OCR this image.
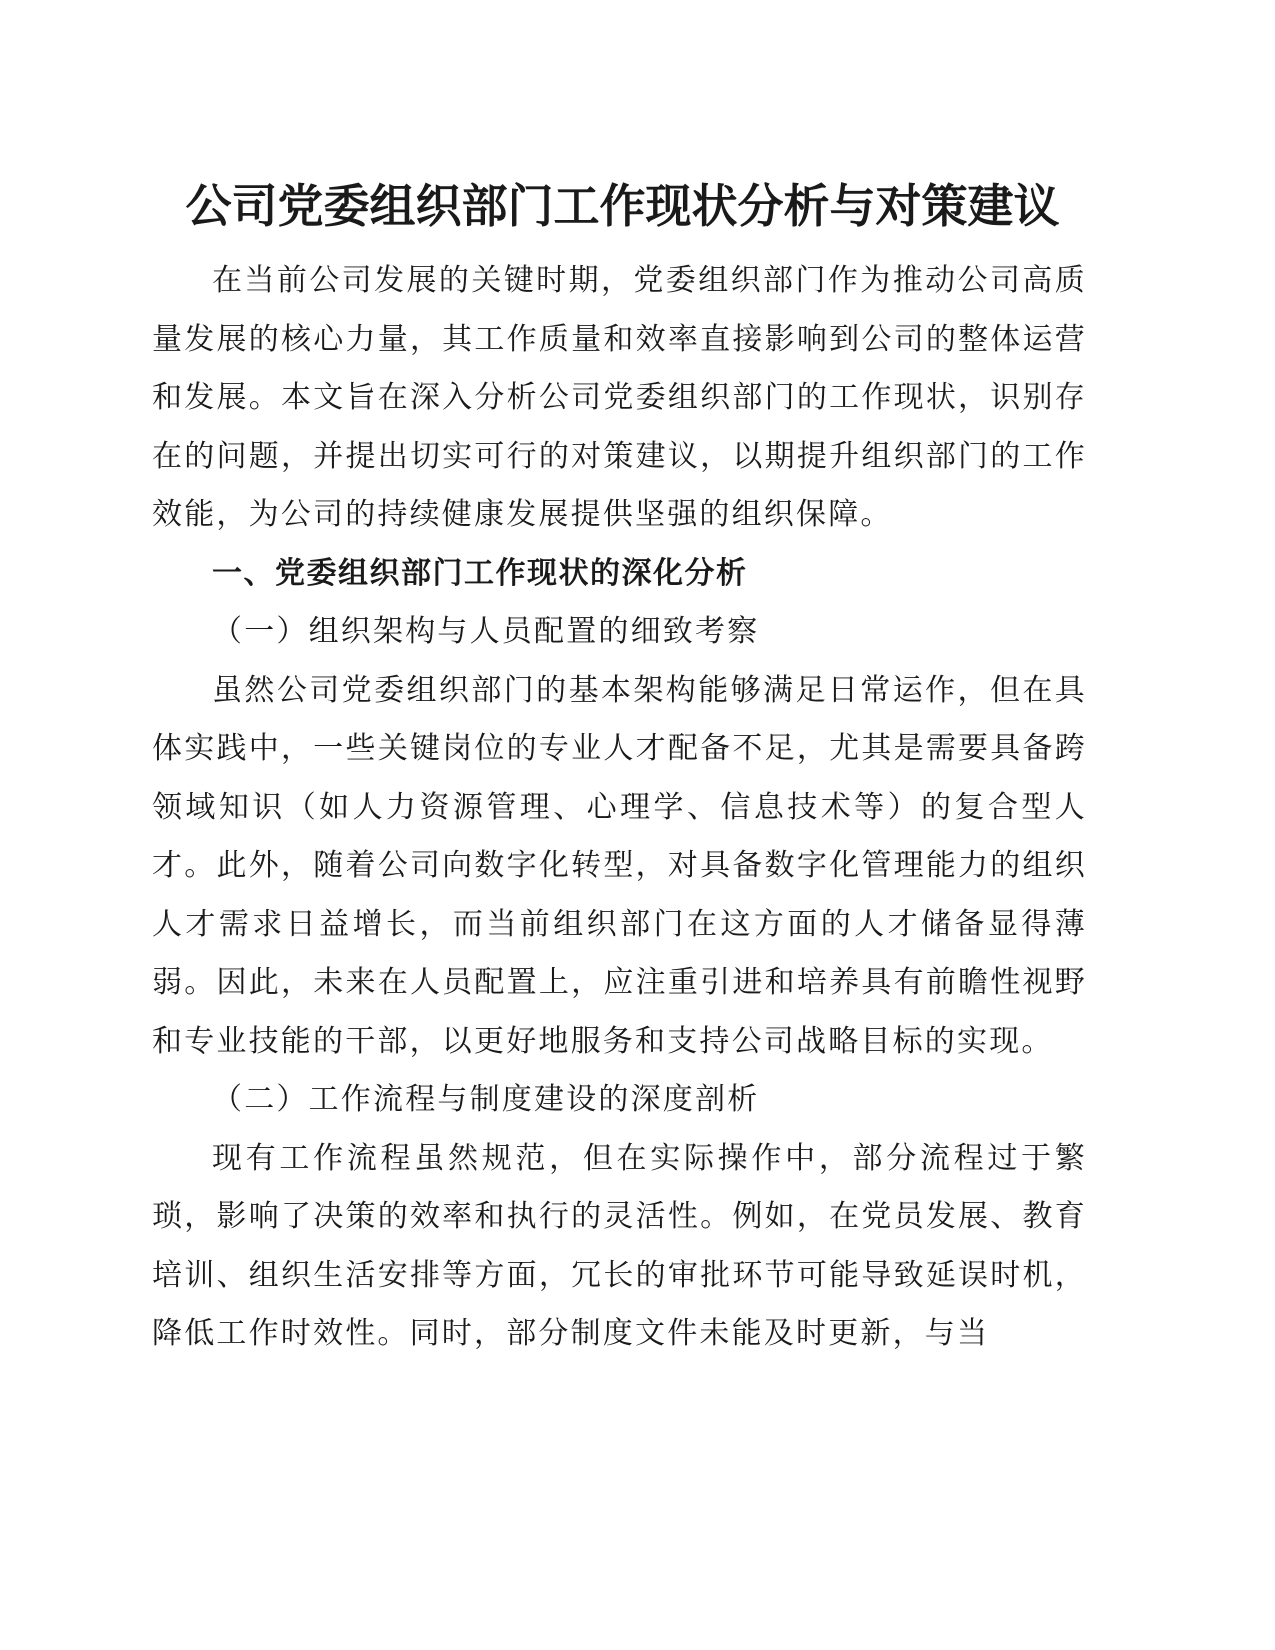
公司党委组织部门工作现状分析与对策建议

在当前公司发展的关键时期，党委组织部门作为推动公司高质量发展的核心力量，其工作质量和效率直接影响到公司的整体运营和发展。本文旨在深入分析公司党委组织部门的工作现状，识别存在的问题，并提出切实可行的对策建议，以期提升组织部门的工作效能，为公司的持续健康发展提供坚强的组织保障。

一、党委组织部门工作现状的深化分析

（一）组织架构与人员配置的细致考察

虽然公司党委组织部门的基本架构能够满足日常运作，但在具体实践中，一些关键岗位的专业人才配备不足，尤其是需要具备跨领域知识（如人力资源管理、心理学、信息技术等）的复合型人才。此外，随着公司向数字化转型，对具备数字化管理能力的组织人才需求日益增长，而当前组织部门在这方面的人才储备显得薄弱。因此，未来在人员配置上，应注重引进和培养具有前瞻性视野和专业技能的干部，以更好地服务和支持公司战略目标的实现。

（二）工作流程与制度建设的深度剖析

现有工作流程虽然规范，但在实际操作中，部分流程过于繁琐，影响了决策的效率和执行的灵活性。例如，在党员发展、教育培训、组织生活安排等方面，冗长的审批环节可能导致延误时机，降低工作时效性。同时，部分制度文件未能及时更新，与当
